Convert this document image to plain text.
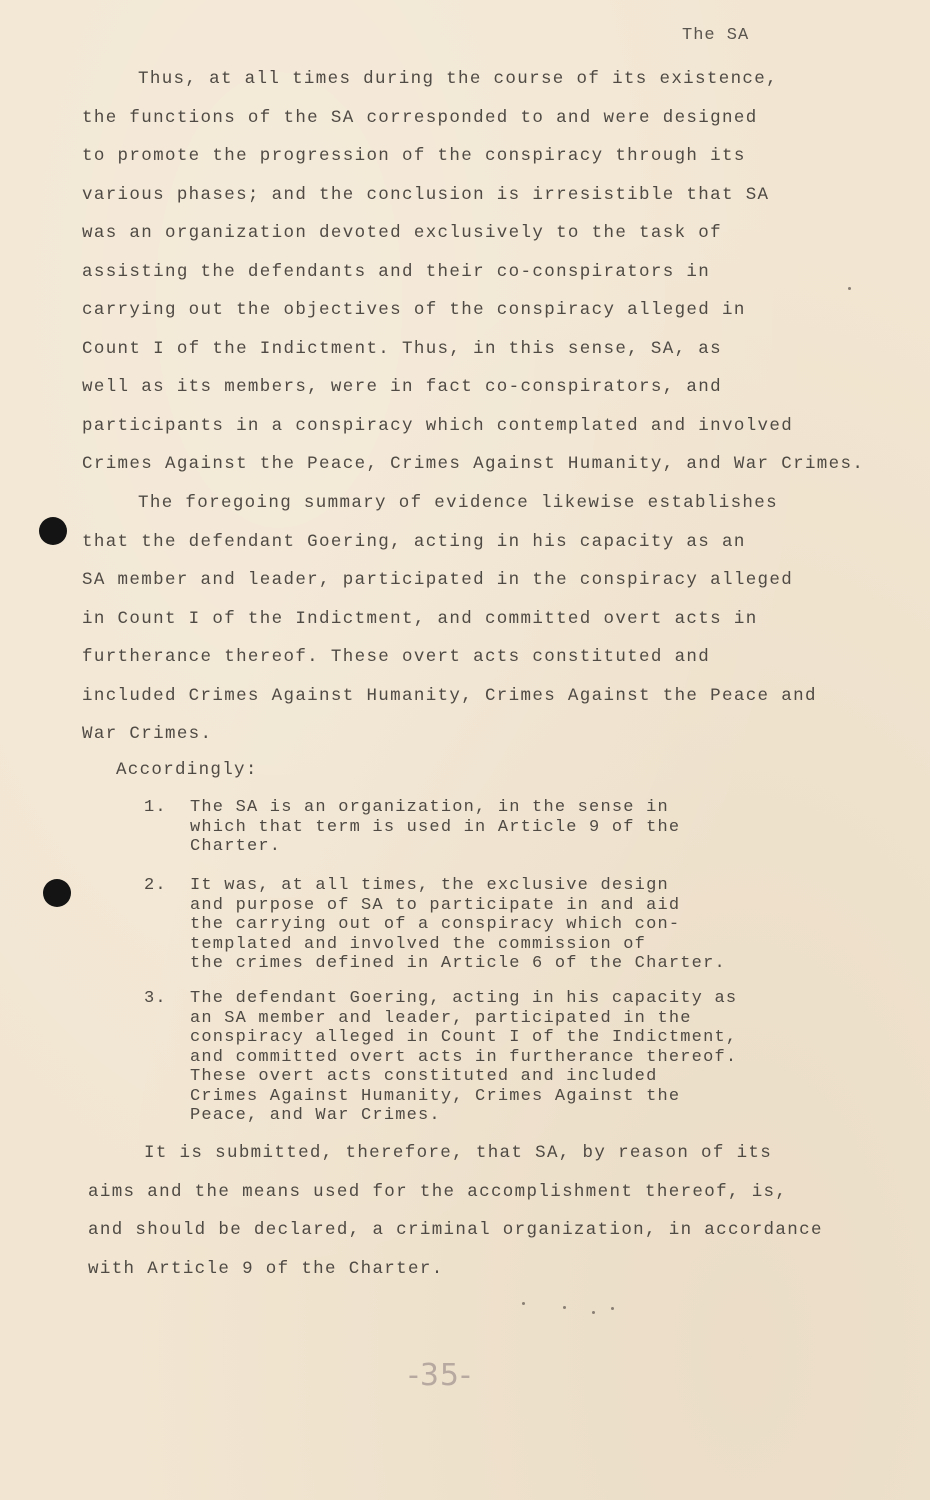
The SA
Thus, at all times during the course of its existence,
the functions of the SA corresponded to and were designed
to promote the progression of the conspiracy through its
various phases; and the conclusion is irresistible that SA
was an organization devoted exclusively to the task of
assisting the defendants and their co-conspirators in
carrying out the objectives of the conspiracy alleged in
Count I of the Indictment. Thus, in this sense, SA, as
well as its members, were in fact co-conspirators, and
participants in a conspiracy which contemplated and involved
Crimes Against the Peace, Crimes Against Humanity, and War Crimes.
The foregoing summary of evidence likewise establishes
that the defendant Goering, acting in his capacity as an
SA member and leader, participated in the conspiracy alleged
in Count I of the Indictment, and committed overt acts in
furtherance thereof. These overt acts constituted and
included Crimes Against Humanity, Crimes Against the Peace and
War Crimes.
Accordingly:
1. The SA is an organization, in the sense in
which that term is used in Article 9 of the
Charter.
2. It was, at all times, the exclusive design
and purpose of SA to participate in and aid
the carrying out of a conspiracy which con-
templated and involved the commission of
the crimes defined in Article 6 of the Charter.
3. The defendant Goering, acting in his capacity as
an SA member and leader, participated in the
conspiracy alleged in Count I of the Indictment,
and committed overt acts in furtherance thereof.
These overt acts constituted and included
Crimes Against Humanity, Crimes Against the
Peace, and War Crimes.
It is submitted, therefore, that SA, by reason of its
aims and the means used for the accomplishment thereof, is,
and should be declared, a criminal organization, in accordance
with Article 9 of the Charter.
-35-
